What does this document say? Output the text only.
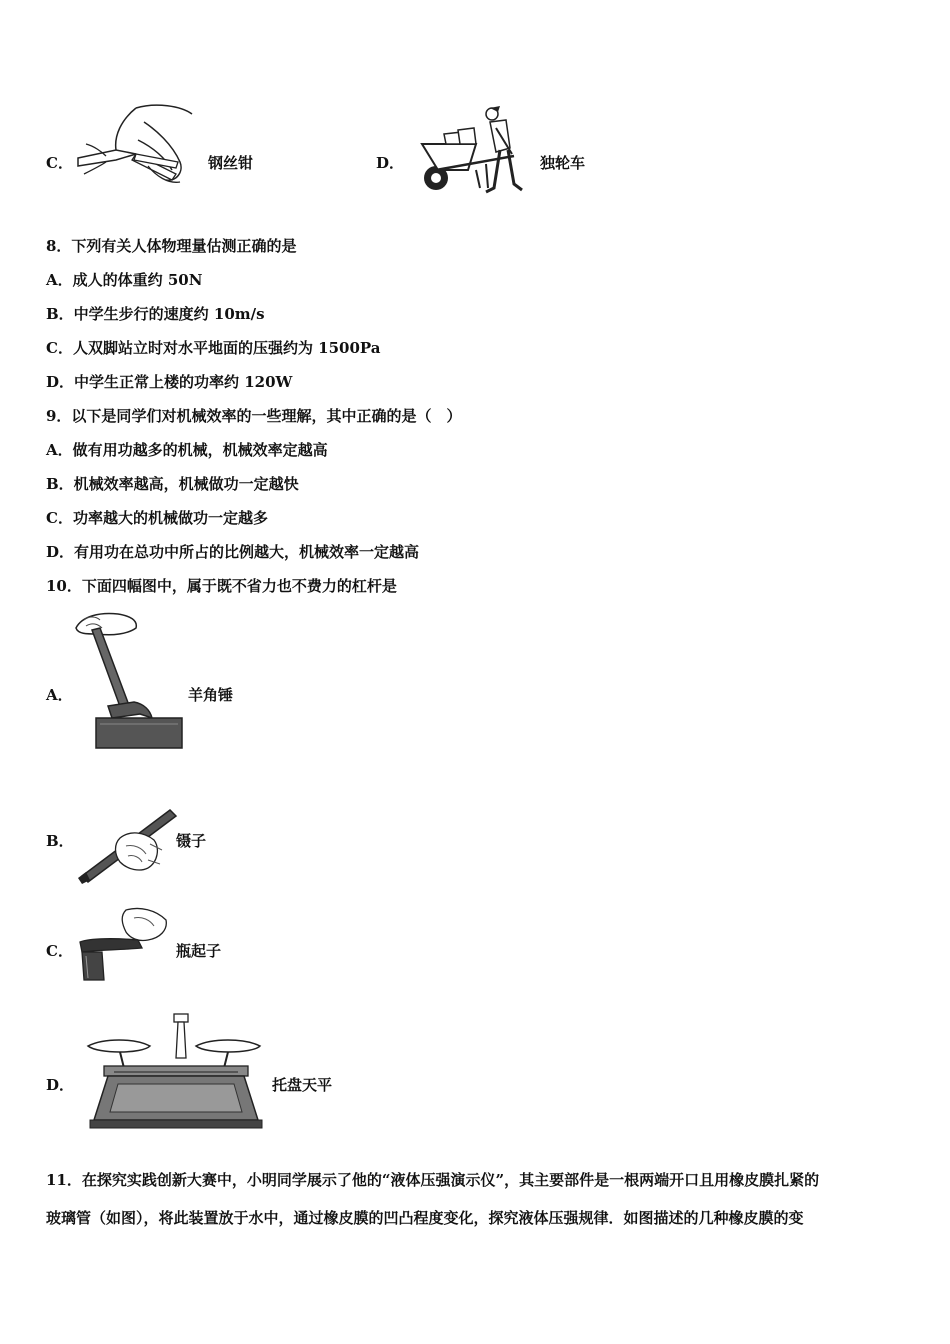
C．	钢丝钳	D．	独轮车
8．下列有关人体物理量估测正确的是
A．成人的体重约 50N
B．中学生步行的速度约 10m/s
C．人双脚站立时对水平地面的压强约为 1500Pa
D．中学生正常上楼的功率约 120W
9．以下是同学们对机械效率的一些理解，其中正确的是（　）
A．做有用功越多的机械，机械效率定越高
B．机械效率越高，机械做功一定越快
C．功率越大的机械做功一定越多
D．有用功在总功中所占的比例越大，机械效率一定越高
10．下面四幅图中，属于既不省力也不费力的杠杆是
A．	羊角锤
B．	镊子
C．	瓶起子
D．	托盘天平
11．在探究实践创新大赛中，小明同学展示了他的“液体压强演示仪”，其主要部件是一根两端开口且用橡皮膜扎紧的
玻璃管（如图），将此装置放于水中，通过橡皮膜的凹凸程度变化，探究液体压强规律．如图描述的几种橡皮膜的变
